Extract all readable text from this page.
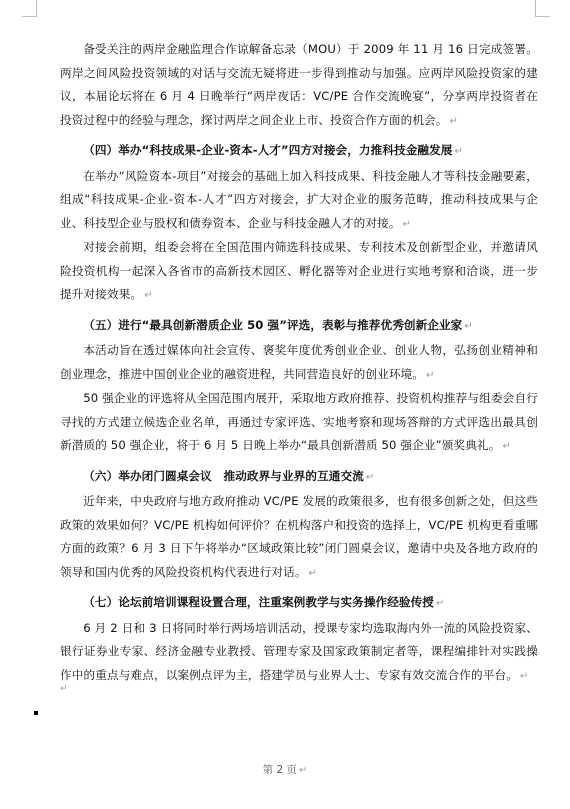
备受关注的两岸金融监理合作谅解备忘录（MOU）于 2009 年 11 月 16 日完成签署。两岸之间风险投资领域的对话与交流无疑将进一步得到推动与加强。应两岸风险投资家的建议，本届论坛将在 6 月 4 日晚举行“两岸夜话：VC/PE 合作交流晚宴”，分享两岸投资者在投资过程中的经验与理念，探讨两岸之间企业上市、投资合作方面的机会。 ↵

（四）举办“科技成果-企业-资本-人才”四方对接会，力推科技金融发展 ↵

在举办“风险资本-项目”对接会的基础上加入科技成果、科技金融人才等科技金融要素，组成“科技成果-企业-资本-人才”四方对接会，扩大对企业的服务范畴，推动科技成果与企业、科技型企业与股权和债券资本、企业与科技金融人才的对接。 ↵

对接会前期，组委会将在全国范围内筛选科技成果、专利技术及创新型企业，并邀请风险投资机构一起深入各省市的高新技术园区、孵化器等对企业进行实地考察和洽谈，进一步提升对接效果。 ↵

（五）进行“最具创新潜质企业 50 强”评选，表彰与推荐优秀创新企业家 ↵

本活动旨在透过媒体向社会宣传、褒奖年度优秀创业企业、创业人物，弘扬创业精神和创业理念，推进中国创业企业的融资进程，共同营造良好的创业环境。 ↵

50 强企业的评选将从全国范围内展开，采取地方政府推荐、投资机构推荐与组委会自行寻找的方式建立候选企业名单，再通过专家评选、实地考察和现场答辩的方式评选出最具创新潜质的 50 强企业，将于 6 月 5 日晚上举办“最具创新潜质 50 强企业”颁奖典礼。 ↵

（六）举办闭门圆桌会议　推动政界与业界的互通交流 ↵

近年来，中央政府与地方政府推动 VC/PE 发展的政策很多，也有很多创新之处，但这些政策的效果如何？VC/PE 机构如何评价？在机构落户和投资的选择上，VC/PE 机构更看重哪方面的政策？6 月 3 日下午将举办“区域政策比较”闭门圆桌会议，邀请中央及各地方政府的领导和国内优秀的风险投资机构代表进行对话。 ↵

（七）论坛前培训课程设置合理，注重案例教学与实务操作经验传授 ↵

6 月 2 日和 3 日将同时举行两场培训活动，授课专家均选取海内外一流的风险投资家、银行证券业专家、经济金融专业教授、管理专家及国家政策制定者等，课程编排针对实践操作中的重点与难点，以案例点评为主，搭建学员与业界人士、专家有效交流合作的平台。 ↵

↵
第 2 页 ↵
